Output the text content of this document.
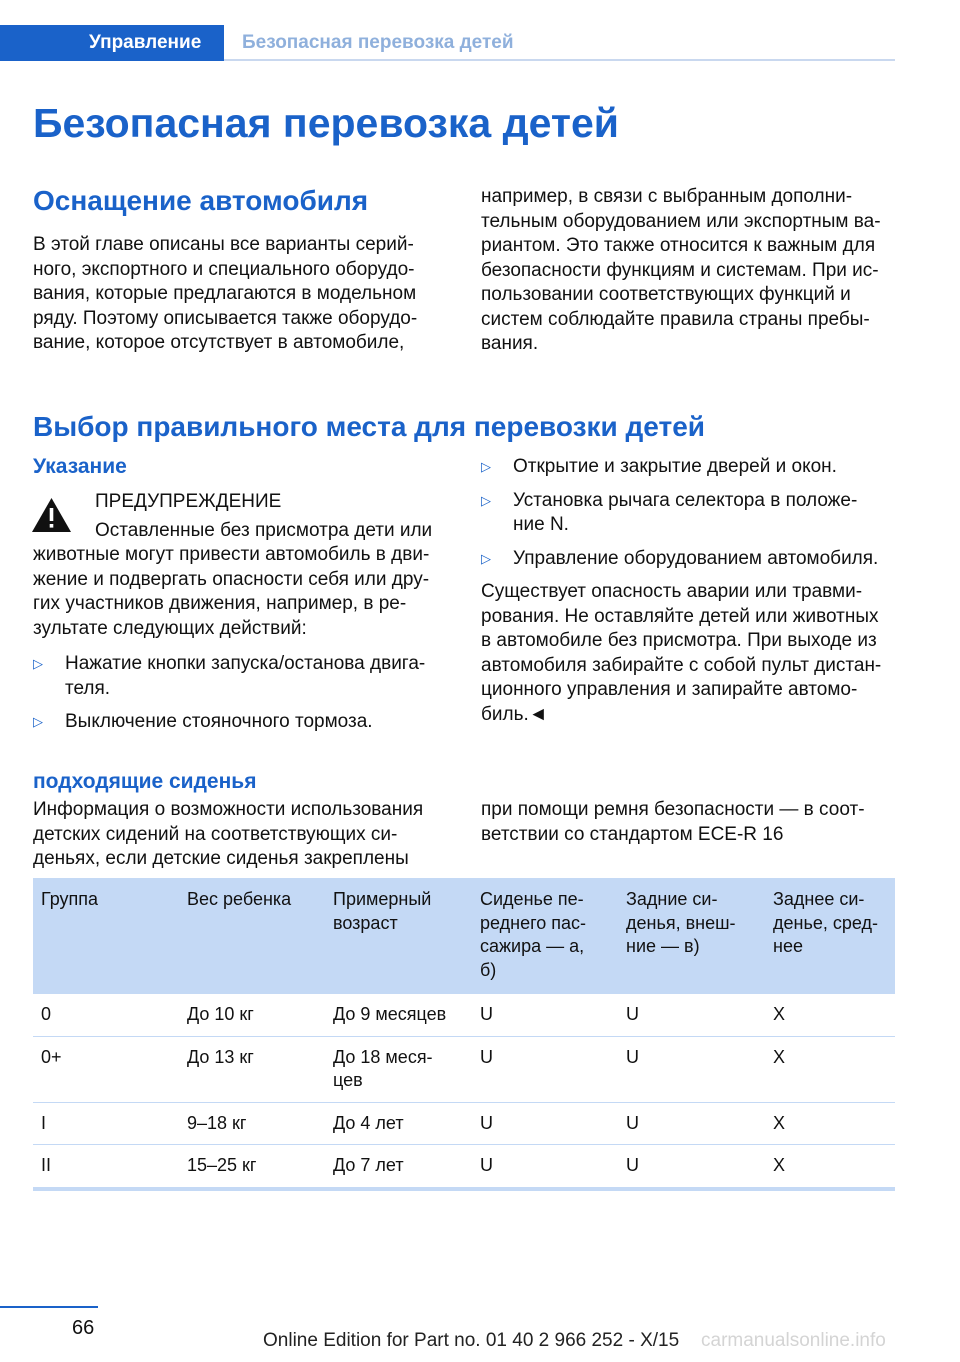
Управление	Безопасная перевозка детей
Безопасная перевозка детей
Оснащение автомобиля
В этой главе описаны все варианты серий‐
ного, экспортного и специального оборудо‐
вания, которые предлагаются в модельном
ряду. Поэтому описывается также оборудо‐
вание, которое отсутствует в автомобиле,
например, в связи с выбранным дополни‐
тельным оборудованием или экспортным ва‐
риантом. Это также относится к важным для
безопасности функциям и системам. При ис‐
пользовании соответствующих функций и
систем соблюдайте правила страны пребы‐
вания.
Выбор правильного места для перевозки детей
Указание
ПРЕДУПРЕЖДЕНИЕ
Оставленные без присмотра дети или
животные могут привести автомобиль в дви‐
жение и подвергать опасности себя или дру‐
гих участников движения, например, в ре‐
зультате следующих действий:
▷ Нажатие кнопки запуска/останова двига‐
теля.
▷ Выключение стояночного тормоза.
▷ Открытие и закрытие дверей и окон.
▷ Установка рычага селектора в положе‐
ние N.
▷ Управление оборудованием автомобиля.
Существует опасность аварии или травми‐
рования. Не оставляйте детей или животных
в автомобиле без присмотра. При выходе из
автомобиля забирайте с собой пульт дистан‐
ционного управления и запирайте автомо‐
биль.◄
подходящие сиденья
Информация о возможности использования
детских сидений на соответствующих си‐
деньях, если детские сиденья закреплены
при помощи ремня безопасности — в соот‐
ветствии со стандартом ECE-R 16
Группа	Вес ребенка	Примерный
возраст	Сиденье пе‐
реднего пас‐
сажира — а,
б)	Задние си‐
денья, внеш‐
ние — в)	Заднее си‐
денье, сред‐
нее

0	До 10 кг	До 9 месяцев	U	U	X
0+	До 13 кг	До 18 меся‐
цев	U	U	X
I	9–18 кг	До 4 лет	U	U	X
II	15–25 кг	До 7 лет	U	U	X
66
Online Edition for Part no. 01 40 2 966 252 - X/15 carmanualsonline.info
